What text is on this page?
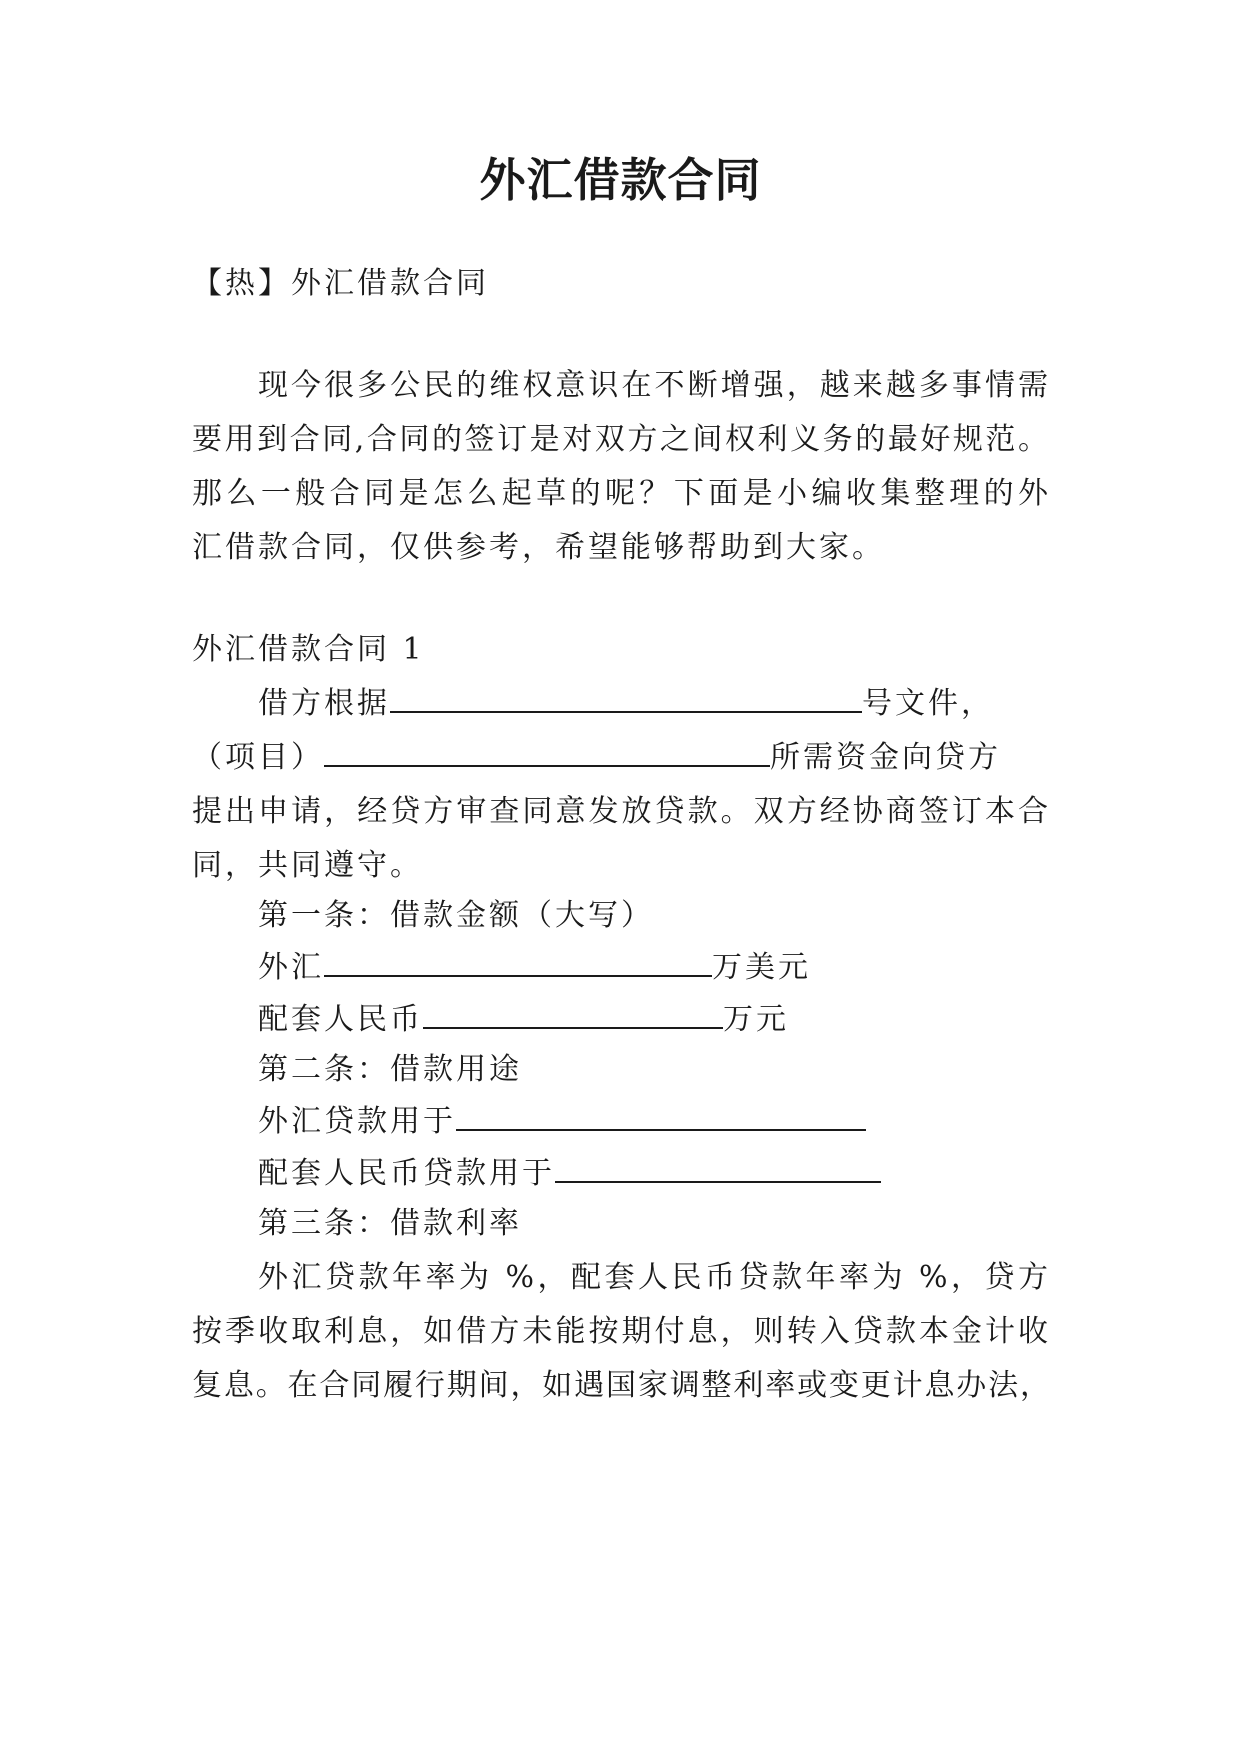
外汇借款合同
【热】外汇借款合同
现今很多公民的维权意识在不断增强，越来越多事情需
要用到合同,合同的签订是对双方之间权利义务的最好规范。
那么一般合同是怎么起草的呢？下面是小编收集整理的外
汇借款合同，仅供参考，希望能够帮助到大家。
外汇借款合同 1
借方根据	号文件，
（项目）	所需资金向贷方
提出申请，经贷方审查同意发放贷款。双方经协商签订本合
同，共同遵守。
第一条：借款金额（大写）
外汇	万美元
配套人民币	万元
第二条：借款用途
外汇贷款用于
配套人民币贷款用于
第三条：借款利率
外汇贷款年率为 %，配套人民币贷款年率为 %，贷方
按季收取利息，如借方未能按期付息，则转入贷款本金计收
复息。在合同履行期间，如遇国家调整利率或变更计息办法，
